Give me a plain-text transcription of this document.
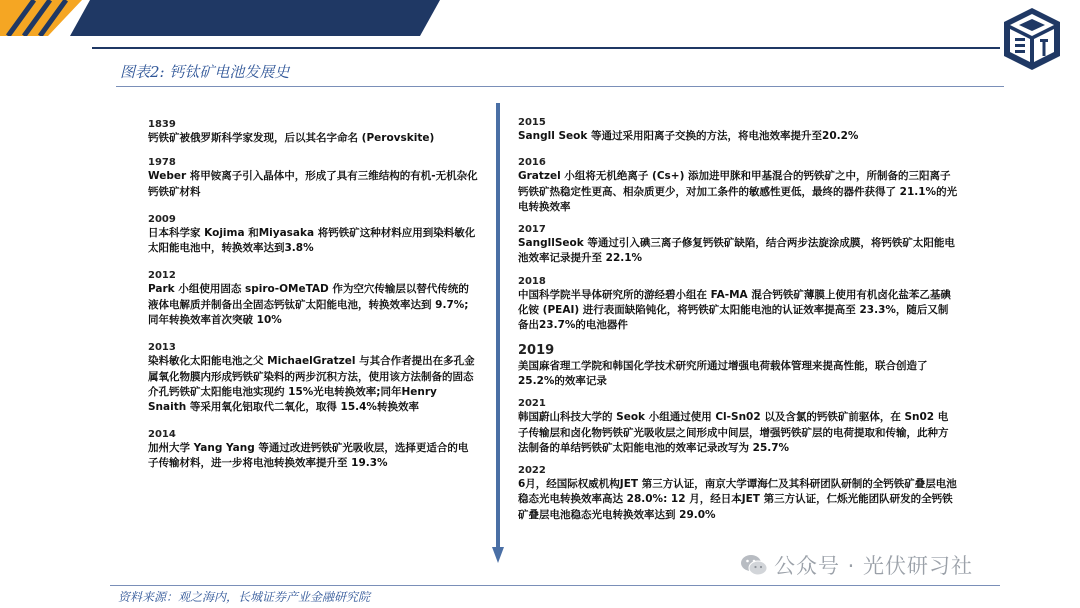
图表2: 钙钛矿电池发展史
1839
钙铁矿被俄罗斯科学家发现，后以其名字命名 (Perovskite)
1978
Weber 将甲铵离子引入晶体中，形成了具有三维结构的有机-无机杂化钙铁矿材料
2009
日本科学家 Kojima 和Miyasaka 将钙铁矿这种材料应用到染料敏化太阳能电池中，转换效率达到3.8%
2012
Park 小组使用固态 spiro-OMeTAD 作为空穴传输层以替代传统的液体电解质并制备出全固态钙钛矿太阳能电池，转换效率达到 9.7%;同年转换效率首次突破 10%
2013
染料敏化太阳能电池之父 MichaelGratzel 与其合作者提出在多孔金属氧化物膜内形成钙铁矿染料的两步沉积方法，使用该方法制备的固态介孔钙铁矿太阳能电池实现约 15%光电转换效率;同年Henry Snaith 等采用氧化铝取代二氧化，取得 15.4%转换效率
2014
加州大学 Yang Yang 等通过改进钙铁矿光吸收层，选择更适合的电子传输材料，进一步将电池转换效率提升至 19.3%
2015
Sangll Seok 等通过采用阳离子交换的方法，将电池效率提升至20.2%
2016
Gratzel 小组将无机绝离子 (Cs+) 添加进甲脒和甲基混合的钙铁矿之中，所制备的三阳离子钙铁矿热稳定性更高、相杂质更少，对加工条件的敏感性更低，最终的器件获得了 21.1%的光电转换效率
2017
SangllSeok 等通过引入碘三离子修复钙铁矿缺陷，结合两步法旋涂成膜，将钙铁矿太阳能电池效率记录提升至 22.1%
2018
中国科学院半导体研究所的游经碧小组在 FA-MA 混合钙铁矿薄膜上使用有机卤化盐苯乙基碘化铵 (PEAI) 进行表面缺陷钝化，将钙铁矿太阳能电池的认证效率提高至 23.3%，随后又制备出23.7%的电池器件
2019
美国麻省理工学院和韩国化学技术研究所通过增强电荷载体管理来提高性能，联合创造了 25.2%的效率记录
2021
韩国蔚山科技大学的 Seok 小组通过使用 Cl-Sn02 以及含氯的钙铁矿前驱体，在 Sn02 电子传输层和卤化物钙铁矿光吸收层之间形成中间层，增强钙铁矿层的电荷提取和传输，此种方法制备的单结钙铁矿太阳能电池的效率记录改写为 25.7%
2022
6月，经国际权威机构JET 第三方认证，南京大学谭海仁及其科研团队研制的全钙铁矿叠层电池稳态光电转换效率高达 28.0%: 12 月，经日本JET 第三方认证，仁烁光能团队研发的全钙铁矿叠层电池稳态光电转换效率达到 29.0%
公众号 · 光伏研习社
资料来源：观之海内，长城证券产业金融研究院
